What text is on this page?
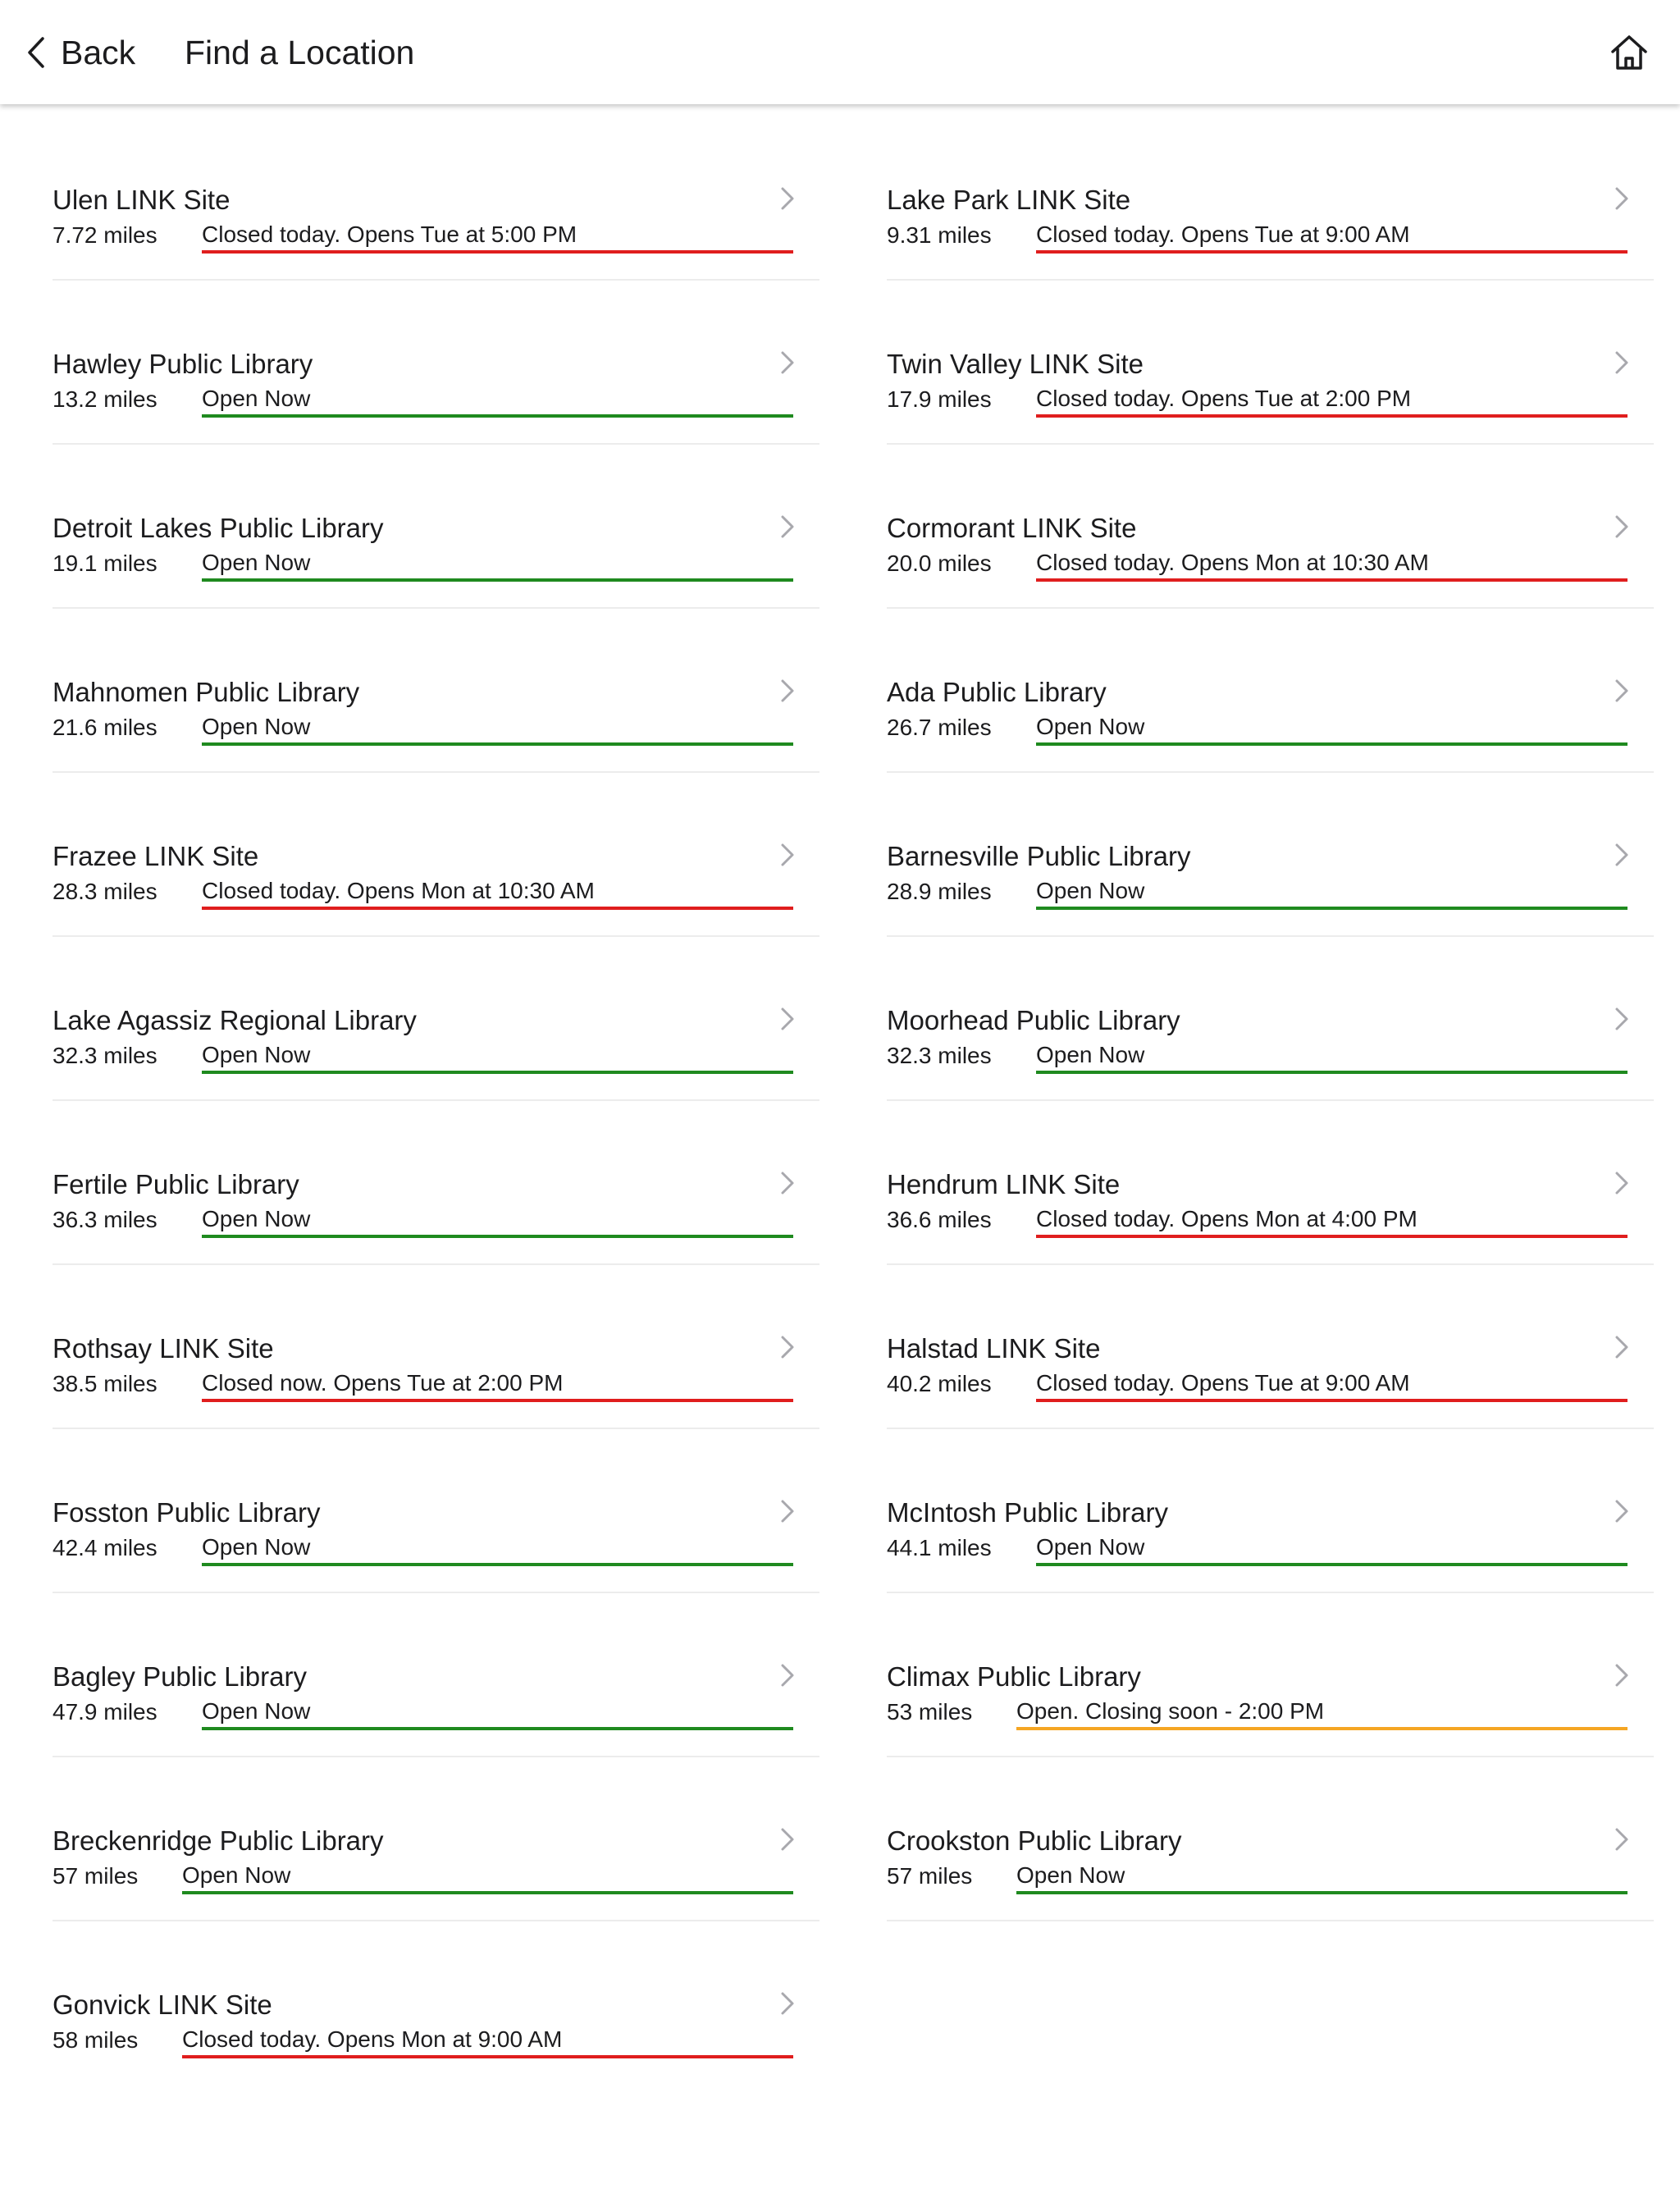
Back Find a Location
Ulen LINK Site
7.72 miles Closed today. Opens Tue at 5:00 PM
Lake Park LINK Site
9.31 miles Closed today. Opens Tue at 9:00 AM
Hawley Public Library
13.2 miles Open Now
Twin Valley LINK Site
17.9 miles Closed today. Opens Tue at 2:00 PM
Detroit Lakes Public Library
19.1 miles Open Now
Cormorant LINK Site
20.0 miles Closed today. Opens Mon at 10:30 AM
Mahnomen Public Library
21.6 miles Open Now
Ada Public Library
26.7 miles Open Now
Frazee LINK Site
28.3 miles Closed today. Opens Mon at 10:30 AM
Barnesville Public Library
28.9 miles Open Now
Lake Agassiz Regional Library
32.3 miles Open Now
Moorhead Public Library
32.3 miles Open Now
Fertile Public Library
36.3 miles Open Now
Hendrum LINK Site
36.6 miles Closed today. Opens Mon at 4:00 PM
Rothsay LINK Site
38.5 miles Closed now. Opens Tue at 2:00 PM
Halstad LINK Site
40.2 miles Closed today. Opens Tue at 9:00 AM
Fosston Public Library
42.4 miles Open Now
McIntosh Public Library
44.1 miles Open Now
Bagley Public Library
47.9 miles Open Now
Climax Public Library
53 miles Open. Closing soon - 2:00 PM
Breckenridge Public Library
57 miles Open Now
Crookston Public Library
57 miles Open Now
Gonvick LINK Site
58 miles Closed today. Opens Mon at 9:00 AM
